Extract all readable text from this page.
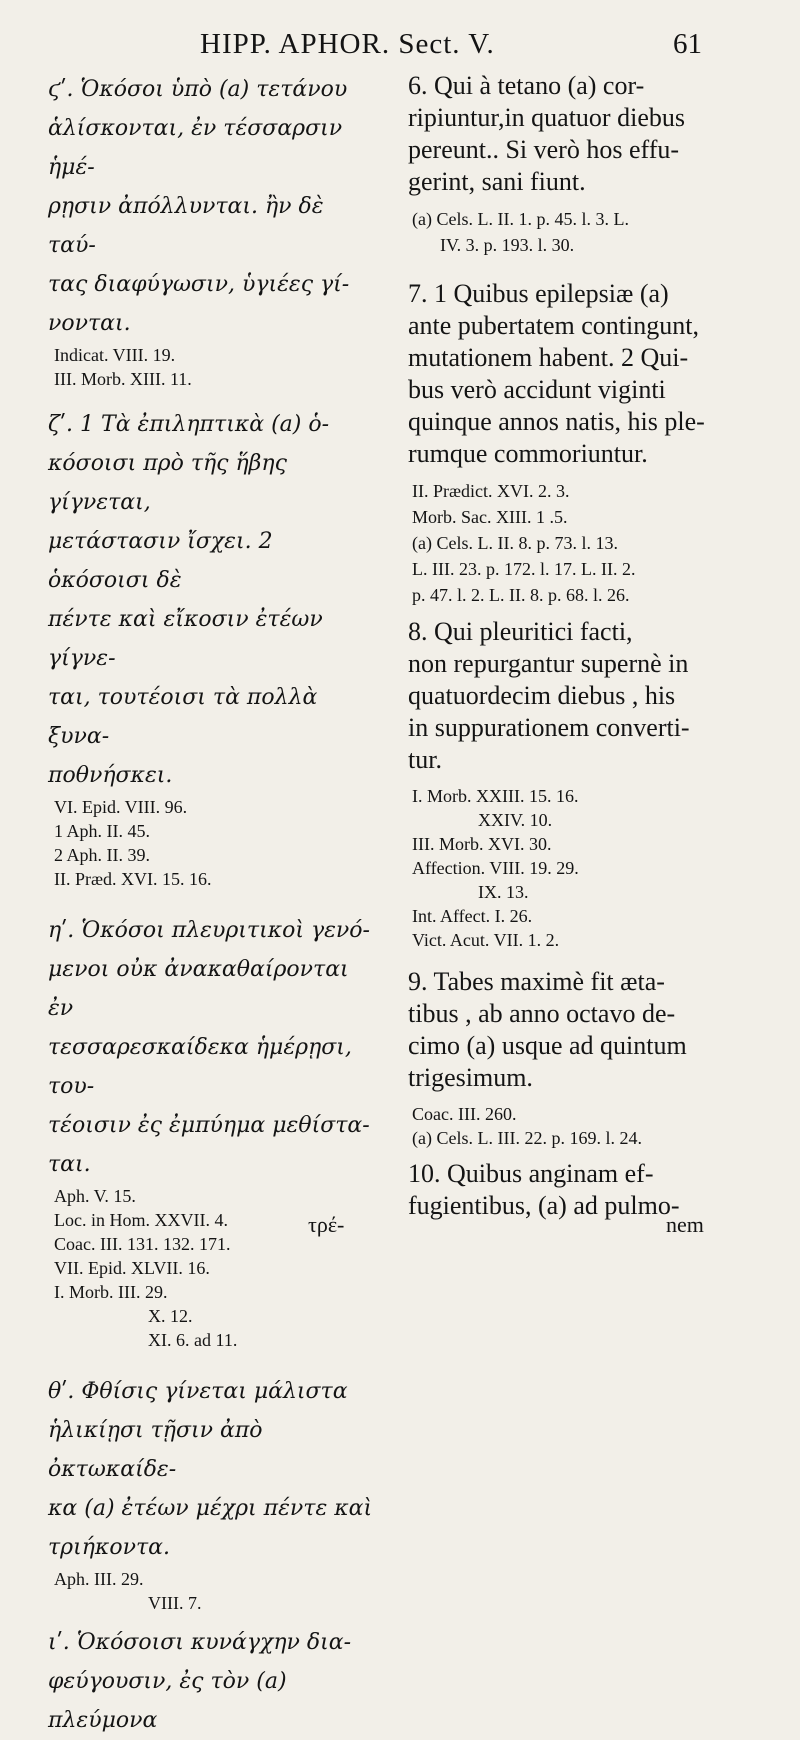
HIPP. APHOR. Sect. V.	61

ϛʹ. Ὁκόσοι ὑπὸ (a) τετάνου

ἁλίσκονται, ἐν τέσσαρσιν ἡμέ-

ρῃσιν ἀπόλλυνται. ἢν δὲ ταύ-

τας διαφύγωσιν, ὑγιέες γί-

νονται.

Indicat. VIII. 19.

III. Morb. XIII. 11.

ζʹ. 1 Τὰ ἐπιληπτικὰ (a) ὁ-

κόσοισι πρὸ τῆς ἥβης γίγνεται,

μετάστασιν ἴσχει. 2 ὁκόσοισι δὲ

πέντε καὶ εἴκοσιν ἐτέων γίγνε-

ται, τουτέοισι τὰ πολλὰ ξυνα-

ποθνήσκει.

VI. Epid. VIII. 96.

1 Aph. II. 45.

2 Aph. II. 39.

II. Præd. XVI. 15. 16.

ηʹ. Ὁκόσοι πλευριτικοὶ γενό-

μενοι οὐκ ἀνακαθαίρονται ἐν

τεσσαρεσκαίδεκα ἡμέρῃσι, του-

τέοισιν ἐς ἐμπύημα μεθίστα-

ται.

Aph. V. 15.

Loc. in Hom. XXVII. 4.

Coac. III. 131. 132. 171.

VII. Epid. XLVII. 16.

I. Morb. III. 29.

X. 12.

XI. 6. ad 11.

θʹ. Φθίσις γίνεται μάλιστα

ἡλικίῃσι τῇσιν ἀπὸ ὀκτωκαίδε-

κα (a) ἐτέων μέχρι πέντε καὶ

τριήκοντα.

Aph. III. 29.

VIII. 7.

ιʹ. Ὁκόσοισι κυνάγχην δια-

φεύγουσιν, ἐς τὸν (a) πλεύμονα

τρέ-

6. Qui à tetano (a) cor-

ripiuntur,in quatuor diebus

pereunt.. Si verò hos effu-

gerint, sani fiunt.

(a) Cels. L. II. 1. p. 45. l. 3. L.

IV. 3. p. 193. l. 30.

7. 1 Quibus epilepsiæ (a)

ante pubertatem contingunt,

mutationem habent. 2 Qui-

bus verò accidunt viginti

quinque annos natis, his ple-

rumque commoriuntur.

II. Prædict. XVI. 2. 3.

Morb. Sac. XIII. 1 .5.

(a) Cels. L. II. 8. p. 73. l. 13.

L. III. 23. p. 172. l. 17. L. II. 2.

p. 47. l. 2. L. II. 8. p. 68. l. 26.

8. Qui pleuritici facti,

non repurgantur supernè in

quatuordecim diebus , his

in suppurationem converti-

tur.

I. Morb. XXIII. 15. 16.

XXIV. 10.

III. Morb. XVI. 30.

Affection. VIII. 19. 29.

IX. 13.

Int. Affect. I. 26.

Vict. Acut. VII. 1. 2.

9. Tabes maximè fit æta-

tibus , ab anno octavo de-

cimo (a) usque ad quintum

trigesimum.

Coac. III. 260.

(a) Cels. L. III. 22. p. 169. l. 24.

10. Quibus anginam ef-

fugientibus, (a) ad pulmo-

nem
